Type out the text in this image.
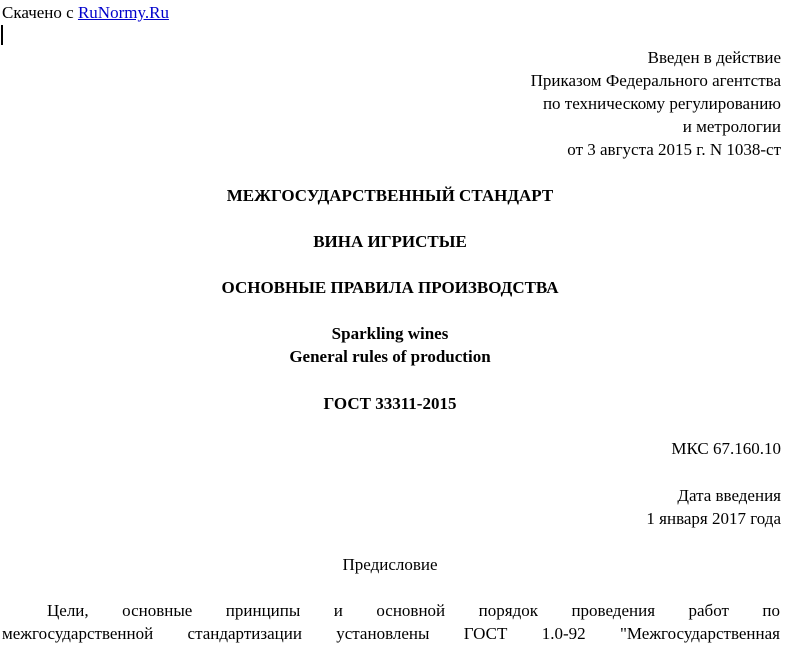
Скачено с RuNormy.Ru
Введен в действие
Приказом Федерального агентства
по техническому регулированию
и метрологии
от 3 августа 2015 г. N 1038-ст
МЕЖГОСУДАРСТВЕННЫЙ СТАНДАРТ
ВИНА ИГРИСТЫЕ
ОСНОВНЫЕ ПРАВИЛА ПРОИЗВОДСТВА
Sparkling wines
General rules of production
ГОСТ 33311-2015
МКС 67.160.10
Дата введения
1 января 2017 года
Предисловие
Цели, основные принципы и основной порядок проведения работ по
межгосударственной стандартизации установлены ГОСТ 1.0-92 "Межгосударственная
